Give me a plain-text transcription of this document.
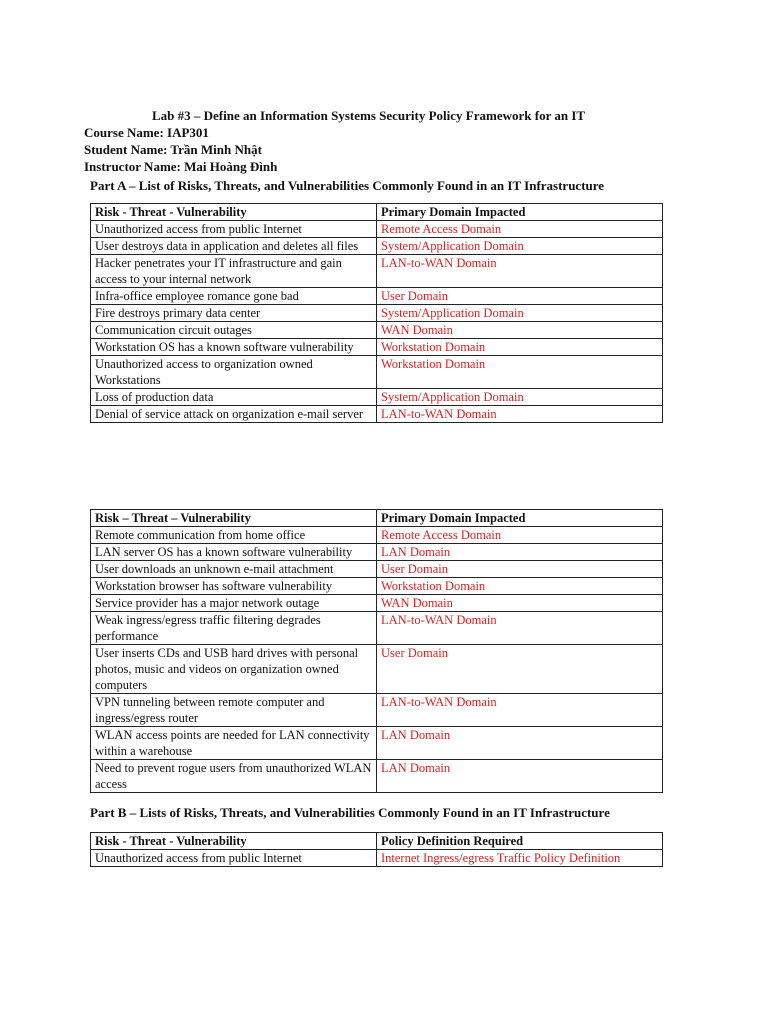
Lab #3 – Define an Information Systems Security Policy Framework for an IT
Course Name: IAP301
Student Name: Trần Minh Nhật
Instructor Name: Mai Hoàng Đình
Part A – List of Risks, Threats, and Vulnerabilities Commonly Found in an IT Infrastructure
Risk - Threat - Vulnerability	Primary Domain Impacted
Unauthorized access from public Internet	Remote Access Domain
User destroys data in application and deletes all files	System/Application Domain
Hacker penetrates your IT infrastructure and gain access to your internal network	LAN-to-WAN Domain
Infra-office employee romance gone bad	User Domain
Fire destroys primary data center	System/Application Domain
Communication circuit outages	WAN Domain
Workstation OS has a known software vulnerability	Workstation Domain
Unauthorized access to organization owned Workstations	Workstation Domain
Loss of production data	System/Application Domain
Denial of service attack on organization e-mail server	LAN-to-WAN Domain
Risk – Threat – Vulnerability	Primary Domain Impacted
Remote communication from home office	Remote Access Domain
LAN server OS has a known software vulnerability	LAN Domain
User downloads an unknown e-mail attachment	User Domain
Workstation browser has software vulnerability	Workstation Domain
Service provider has a major network outage	WAN Domain
Weak ingress/egress traffic filtering degrades performance	LAN-to-WAN Domain
User inserts CDs and USB hard drives with personal photos, music and videos on organization owned computers	User Domain
VPN tunneling between remote computer and ingress/egress router	LAN-to-WAN Domain
WLAN access points are needed for LAN connectivity within a warehouse	LAN Domain
Need to prevent rogue users from unauthorized WLAN access	LAN Domain
Part B – Lists of Risks, Threats, and Vulnerabilities Commonly Found in an IT Infrastructure
Risk - Threat - Vulnerability	Policy Definition Required
Unauthorized access from public Internet	Internet Ingress/egress Traffic Policy Definition
